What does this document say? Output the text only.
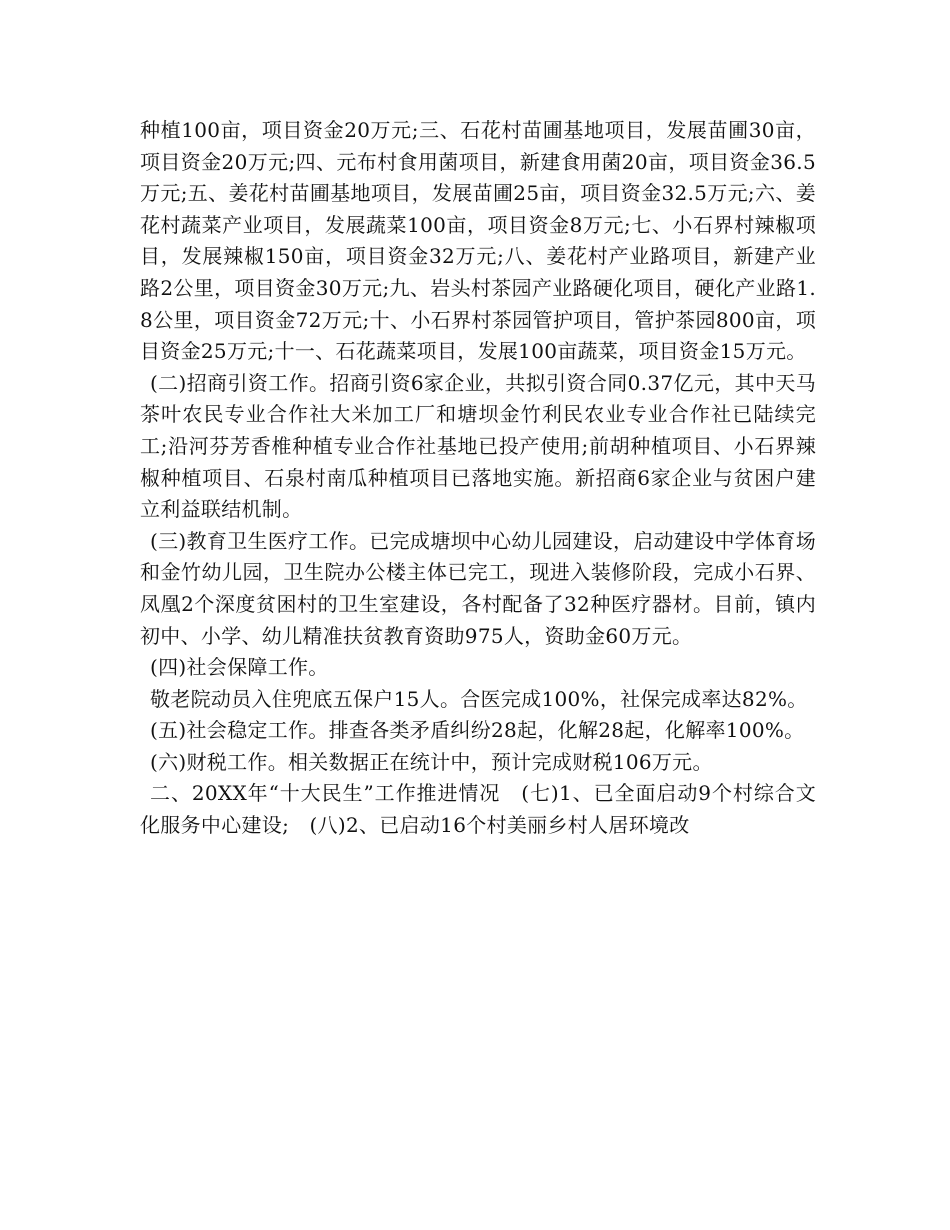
种植100亩，项目资金20万元;三、石花村苗圃基地项目，发展苗圃30亩，项目资金20万元;四、元布村食用菌项目，新建食用菌20亩，项目资金36.5万元;五、姜花村苗圃基地项目，发展苗圃25亩，项目资金32.5万元;六、姜花村蔬菜产业项目，发展蔬菜100亩，项目资金8万元;七、小石界村辣椒项目，发展辣椒150亩，项目资金32万元;八、姜花村产业路项目，新建产业路2公里，项目资金30万元;九、岩头村茶园产业路硬化项目，硬化产业路1.8公里，项目资金72万元;十、小石界村茶园管护项目，管护茶园800亩，项目资金25万元;十一、石花蔬菜项目，发展100亩蔬菜，项目资金15万元。

(二)招商引资工作。招商引资6家企业，共拟引资合同0.37亿元，其中天马茶叶农民专业合作社大米加工厂和塘坝金竹利民农业专业合作社已陆续完工;沿河芬芳香椎种植专业合作社基地已投产使用;前胡种植项目、小石界辣椒种植项目、石泉村南瓜种植项目已落地实施。新招商6家企业与贫困户建立利益联结机制。

(三)教育卫生医疗工作。已完成塘坝中心幼儿园建设，启动建设中学体育场和金竹幼儿园，卫生院办公楼主体已完工，现进入装修阶段，完成小石界、凤凰2个深度贫困村的卫生室建设，各村配备了32种医疗器材。目前，镇内初中、小学、幼儿精准扶贫教育资助975人，资助金60万元。

(四)社会保障工作。

敬老院动员入住兜底五保户15人。合医完成100%，社保完成率达82%。

(五)社会稳定工作。排查各类矛盾纠纷28起，化解28起，化解率100%。

(六)财税工作。相关数据正在统计中，预计完成财税106万元。

二、20XX年“十大民生”工作推进情况　(七)1、已全面启动9个村综合文化服务中心建设;　(八)2、已启动16个村美丽乡村人居环境改
